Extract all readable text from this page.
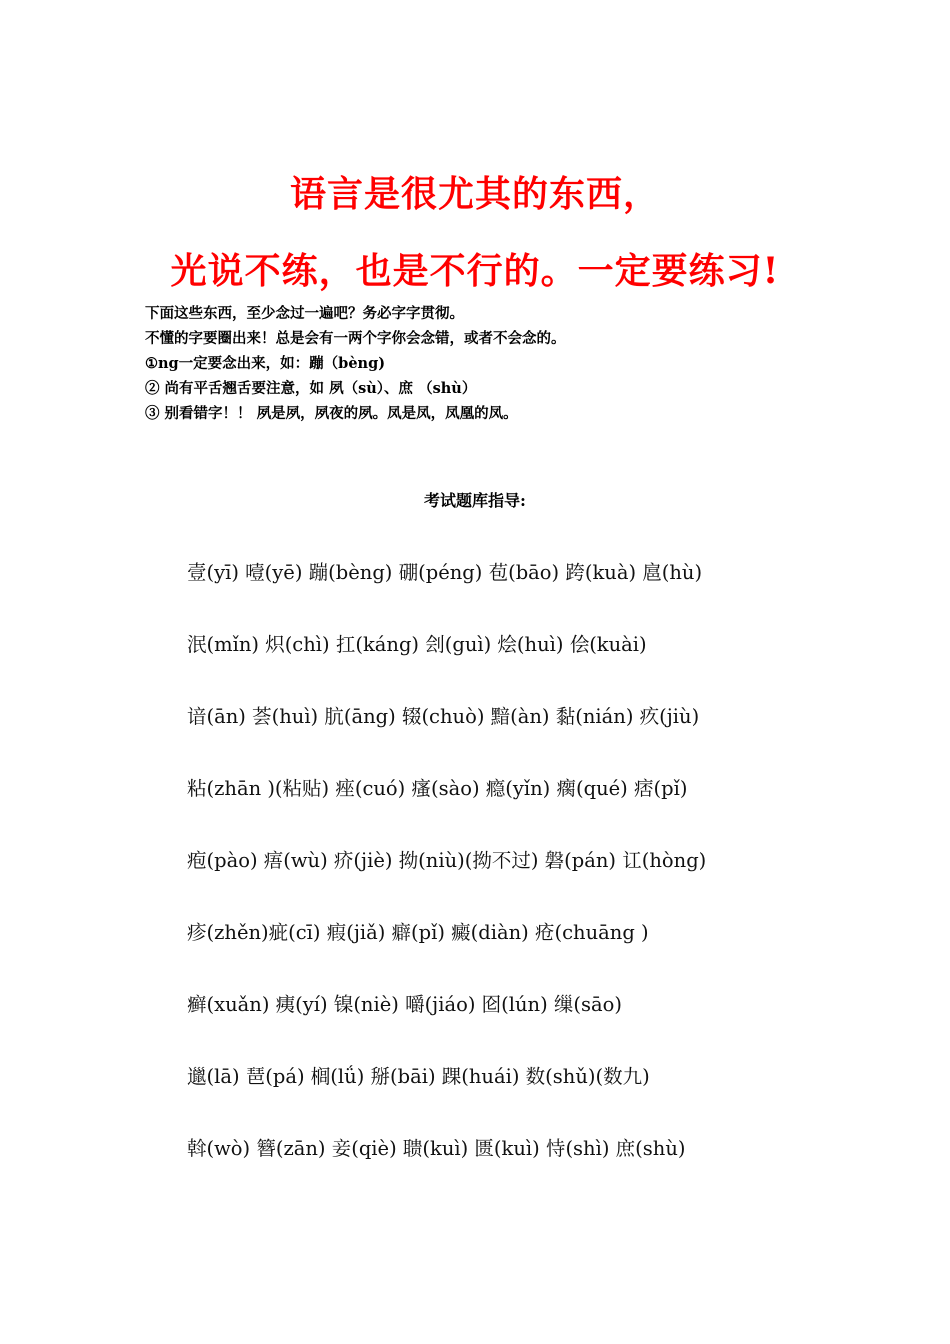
语言是很尤其的东西，
光说不练，也是不行的。一定要练习!
下面这些东西，至少念过一遍吧？务必字字贯彻。
不懂的字要圈出来！总是会有一两个字你会念错，或者不会念的。
①ng一定要念出来，如：蹦（bèng)
② 尚有平舌翘舌要注意，如 夙（sù）、庶 （shù）
③ 别看错字！！ 夙是夙，夙夜的夙。凤是凤，凤凰的凤。
考试题库指导:
壹(yī) 噎(yē) 蹦(bèng) 硼(péng) 苞(bāo) 跨(kuà) 扈(hù)
泯(mǐn) 炽(chì) 扛(káng) 刽(guì) 烩(huì) 侩(kuài)
谙(ān) 荟(huì) 肮(āng) 辍(chuò) 黯(àn) 黏(nián) 疚(jiù)
粘(zhān )(粘贴) 痤(cuó) 瘙(sào) 瘾(yǐn) 瘸(qué) 痞(pǐ)
疱(pào) 痦(wù) 疥(jiè) 拗(niù)(拗不过) 磐(pán) 讧(hòng)
疹(zhěn)疵(cī) 瘕(jiǎ) 癖(pǐ) 癜(diàn) 疮(chuāng )
癣(xuǎn) 痍(yí) 镍(niè) 嚼(jiáo) 囵(lún) 缫(sāo)
邋(lā) 琶(pá) 榈(lǘ) 掰(bāi) 踝(huái) 数(shǔ)(数九)
斡(wò) 簪(zān) 妾(qiè) 聩(kuì) 匮(kuì) 恃(shì) 庶(shù)
